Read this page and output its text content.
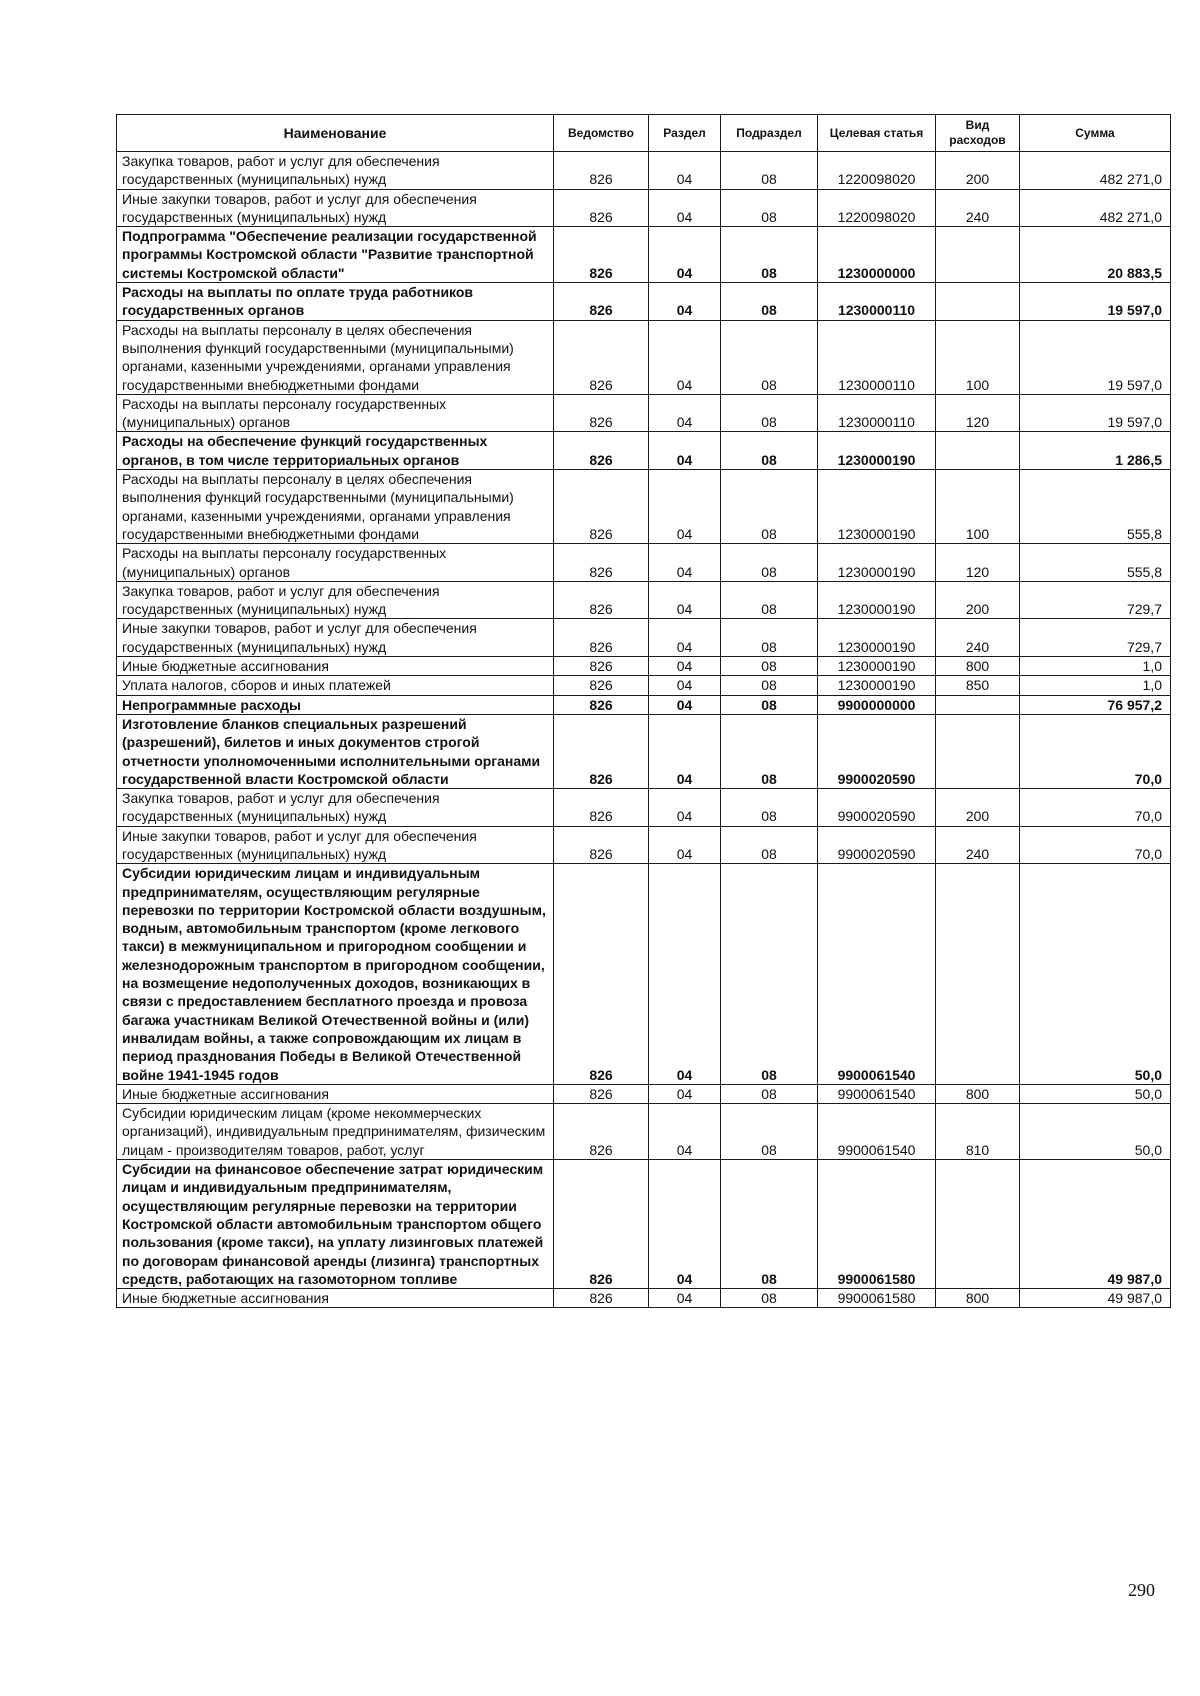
Наименование	Ведомство	Раздел	Подраздел	Целевая статья	Вид расходов	Сумма
Закупка товаров, работ и услуг для обеспечения государственных (муниципальных) нужд	826	04	08	1220098020	200	482 271,0
Иные закупки товаров, работ и услуг для обеспечения государственных (муниципальных) нужд	826	04	08	1220098020	240	482 271,0
Подпрограмма "Обеспечение реализации государственной программы Костромской области "Развитие транспортной системы Костромской области"	826	04	08	1230000000		20 883,5
Расходы на выплаты по оплате труда работников государственных органов	826	04	08	1230000110		19 597,0
Расходы на выплаты персоналу в целях обеспечения выполнения функций государственными (муниципальными) органами, казенными учреждениями, органами управления государственными внебюджетными фондами	826	04	08	1230000110	100	19 597,0
Расходы на выплаты персоналу государственных (муниципальных) органов	826	04	08	1230000110	120	19 597,0
Расходы на обеспечение функций государственных органов, в том числе территориальных органов	826	04	08	1230000190		1 286,5
Расходы на выплаты персоналу в целях обеспечения выполнения функций государственными (муниципальными) органами, казенными учреждениями, органами управления государственными внебюджетными фондами	826	04	08	1230000190	100	555,8
Расходы на выплаты персоналу государственных (муниципальных) органов	826	04	08	1230000190	120	555,8
Закупка товаров, работ и услуг для обеспечения государственных (муниципальных) нужд	826	04	08	1230000190	200	729,7
Иные закупки товаров, работ и услуг для обеспечения государственных (муниципальных) нужд	826	04	08	1230000190	240	729,7
Иные бюджетные ассигнования	826	04	08	1230000190	800	1,0
Уплата налогов, сборов и иных платежей	826	04	08	1230000190	850	1,0
Непрограммные расходы	826	04	08	9900000000		76 957,2
Изготовление бланков специальных разрешений (разрешений), билетов и иных документов строгой отчетности уполномоченными исполнительными органами государственной власти Костромской области	826	04	08	9900020590		70,0
Закупка товаров, работ и услуг для обеспечения государственных (муниципальных) нужд	826	04	08	9900020590	200	70,0
Иные закупки товаров, работ и услуг для обеспечения государственных (муниципальных) нужд	826	04	08	9900020590	240	70,0
Субсидии юридическим лицам и индивидуальным предпринимателям, осуществляющим регулярные перевозки по территории Костромской области воздушным, водным, автомобильным транспортом (кроме легкового такси) в межмуниципальном и пригородном сообщении и железнодорожным транспортом в пригородном сообщении, на возмещение недополученных доходов, возникающих в связи с предоставлением бесплатного проезда и провоза багажа участникам Великой Отечественной войны и (или) инвалидам войны, а также сопровождающим их лицам в период празднования Победы в Великой Отечественной войне 1941-1945 годов	826	04	08	9900061540		50,0
Иные бюджетные ассигнования	826	04	08	9900061540	800	50,0
Субсидии юридическим лицам (кроме некоммерческих организаций), индивидуальным предпринимателям, физическим лицам - производителям товаров, работ, услуг	826	04	08	9900061540	810	50,0
Субсидии на финансовое обеспечение затрат юридическим лицам и индивидуальным предпринимателям, осуществляющим регулярные перевозки на территории Костромской области автомобильным транспортом общего пользования (кроме такси), на уплату лизинговых платежей по договорам финансовой аренды (лизинга) транспортных средств, работающих на газомоторном топливе	826	04	08	9900061580		49 987,0
Иные бюджетные ассигнования	826	04	08	9900061580	800	49 987,0
290
